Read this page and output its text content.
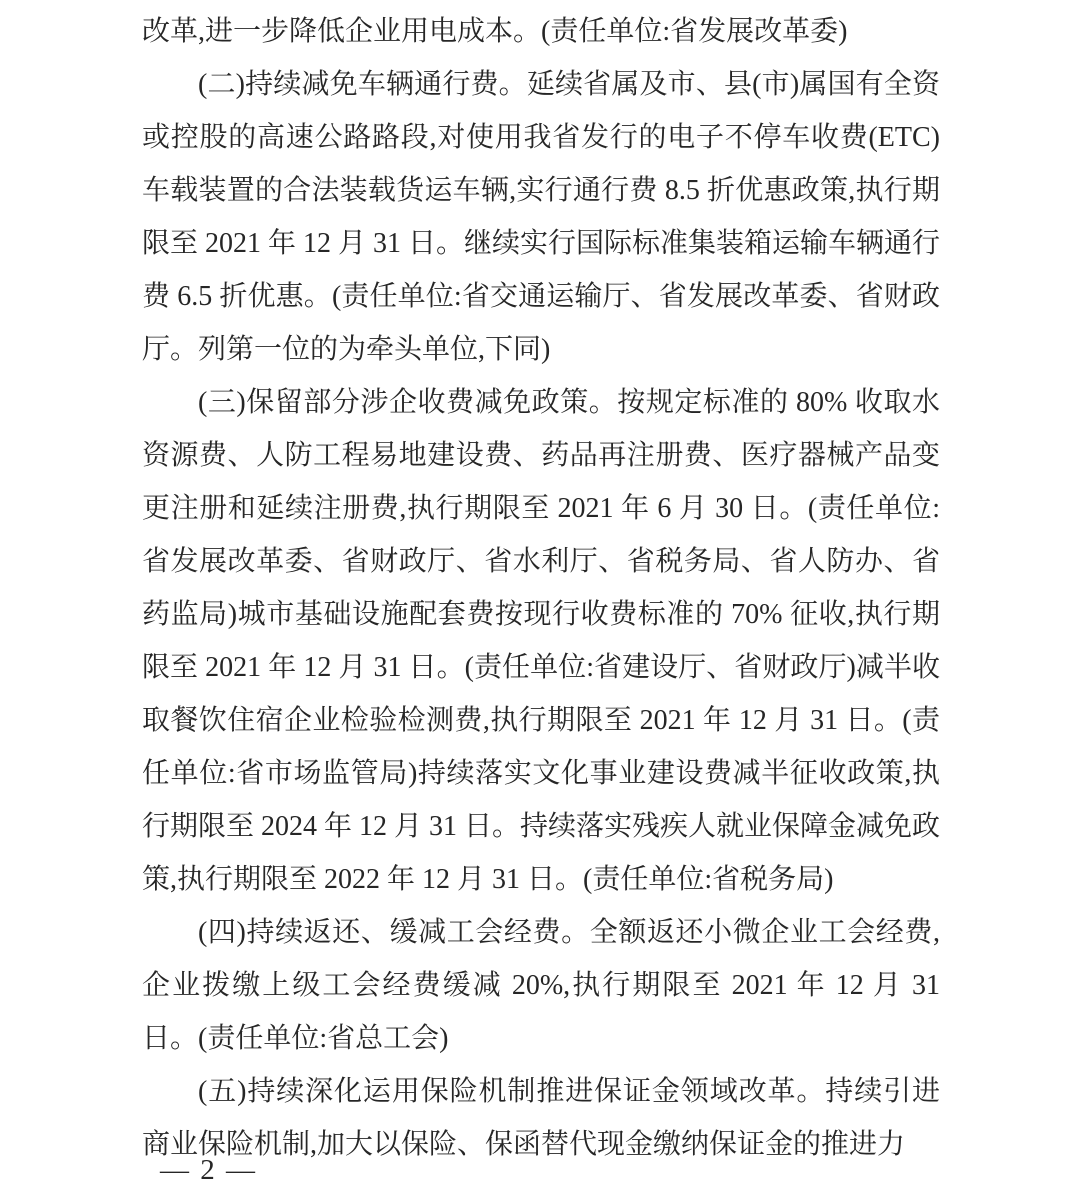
改革,进一步降低企业用电成本。(责任单位:省发展改革委)

(二)持续减免车辆通行费。延续省属及市、县(市)属国有全资或控股的高速公路路段,对使用我省发行的电子不停车收费(ETC)车载装置的合法装载货运车辆,实行通行费 8.5 折优惠政策,执行期限至 2021 年 12 月 31 日。继续实行国际标准集装箱运输车辆通行费 6.5 折优惠。(责任单位:省交通运输厅、省发展改革委、省财政厅。列第一位的为牵头单位,下同)

(三)保留部分涉企收费减免政策。按规定标准的 80% 收取水资源费、人防工程易地建设费、药品再注册费、医疗器械产品变更注册和延续注册费,执行期限至 2021 年 6 月 30 日。(责任单位:省发展改革委、省财政厅、省水利厅、省税务局、省人防办、省药监局)城市基础设施配套费按现行收费标准的 70% 征收,执行期限至 2021 年 12 月 31 日。(责任单位:省建设厅、省财政厅)减半收取餐饮住宿企业检验检测费,执行期限至 2021 年 12 月 31 日。(责任单位:省市场监管局)持续落实文化事业建设费减半征收政策,执行期限至 2024 年 12 月 31 日。持续落实残疾人就业保障金减免政策,执行期限至 2022 年 12 月 31 日。(责任单位:省税务局)

(四)持续返还、缓减工会经费。全额返还小微企业工会经费,企业拨缴上级工会经费缓减 20%,执行期限至 2021 年 12 月 31 日。(责任单位:省总工会)

(五)持续深化运用保险机制推进保证金领域改革。持续引进商业保险机制,加大以保险、保函替代现金缴纳保证金的推进力

— 2 —
